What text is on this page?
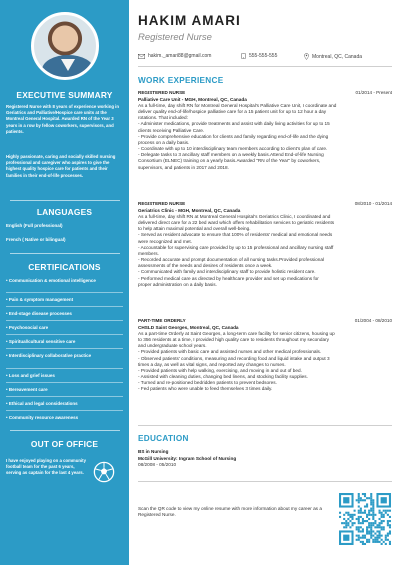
EXECUTIVE SUMMARY
Registered Nurse with 8 years of experience working in Geriatrics and Palliative/Hospice care units at the Montreal General Hospital. Awarded RN of the Year 3 years in a row by fellow coworkers, supervisors, and patients.
Highly passionate, caring and socially skilled nursing professional and caregiver who aspires to give the highest quality hospice care for patients and their families in their end-of-life processes.
LANGUAGES
English (Full professional)
French ( Native or bilingual)
CERTIFICATIONS
• Communication & emotional intelligence
• Pain & symptom management
• End-stage disease processes
• Psychosocial care
• Spiritual/cultural sensitive care
• Interdisciplinary collaborative practice
• Loss and grief issues
• Bereavement care
• Ethical and legal considerations
• Community resource awareness
OUT OF OFFICE
I have enjoyed playing on a community football team for the past 6 years, serving as captain for the last 4 years.
HAKIM AMARI
Registered Nurse
hakim._amari88@gmail.com	555-555-555	Montreal, QC, Canada
WORK EXPERIENCE
REGISTERED NURSE	01/2014 - Present
Palliative Care Unit - MGH, Montreal, QC, Canada
As a full-time, day shift RN for Montreal General Hospital's Palliative Care Unit, I coordinate and
deliver quality end-of-life/hospice palliative care for a 15 patient unit for up to 12 hour a day
rotations. That included:
- Administer medications, provide treatments and assist with daily living activities for up to 15
clients receiving Palliative Care.
- Provide comprehensive education for clients and family regarding end-of-life and the dying
process on a daily basis.
- Coordinate with up to 10 interdisciplinary team members according to client's plan of care.
- Delegate tasks to 3 ancillary staff members on a weekly basis.Attend End-of-life Nursing
Consortium (ELNEC) training on a yearly basis.Awarded "RN of the Year" by coworkers,
supervisors, and patients in 2017 and 2018.
REGISTERED NURSE	08/2010 - 01/2014
Geriatrics Clinic - MGH, Montreal, QC, Canada
As a full-time, day shift RN at Montreal General Hospital's Geriatrics Clinic, I coordinated and
delivered direct care for a 22 bed ward which offers rehabilitation services to geriatric residents
to help attain maximal potential and overall well-being.
- Served as resident advocate to ensure that 100% of residents' medical and emotional needs
were recognized and met.
- Accountable for supervising care provided by up to 15 professional and ancillary nursing staff
members.
- Recorded accurate and prompt documentation of all nursing tasks.Provided professional
assessments of the needs and desires of residents once a week.
- Communicated with family and interdisciplinary staff to provide holistic resident care.
- Performed medical care as directed by healthcare provider and set up medications for
proper administration on a daily basis.
PART-TIME ORDERLY	01/2004 - 08/2010
CHSLD Saint Georges, Montreal, QC, Canada
As a part-time Orderly at Saint Georges, a long-term care facility for senior citizens, housing up
to 356 residents at a time, I provided high quality care to residents throughout my secondary
and undergraduate school years.
- Provided patients with basic care and assisted nurses and other medical professionals.
- Observed patients' conditions, measuring and recording food and liquid intake and output 3
times a day, as well as vital signs, and reported any changes to nurses.
- Provided patients with help walking, exercising, and moving in and out of bed.
- Assisted with cleaning duties, changing bed linens, and stocking facility supplies.
- Turned and re-positioned bedridden patients to prevent bedsores.
- Fed patients who were unable to feed themselves 3 times daily.
EDUCATION
BS in Nursing
McGill University: Ingram School of Nursing
08/2008 - 05/2010
Scan the QR code to view my online resume with more information about my career as a Registered Nurse.
